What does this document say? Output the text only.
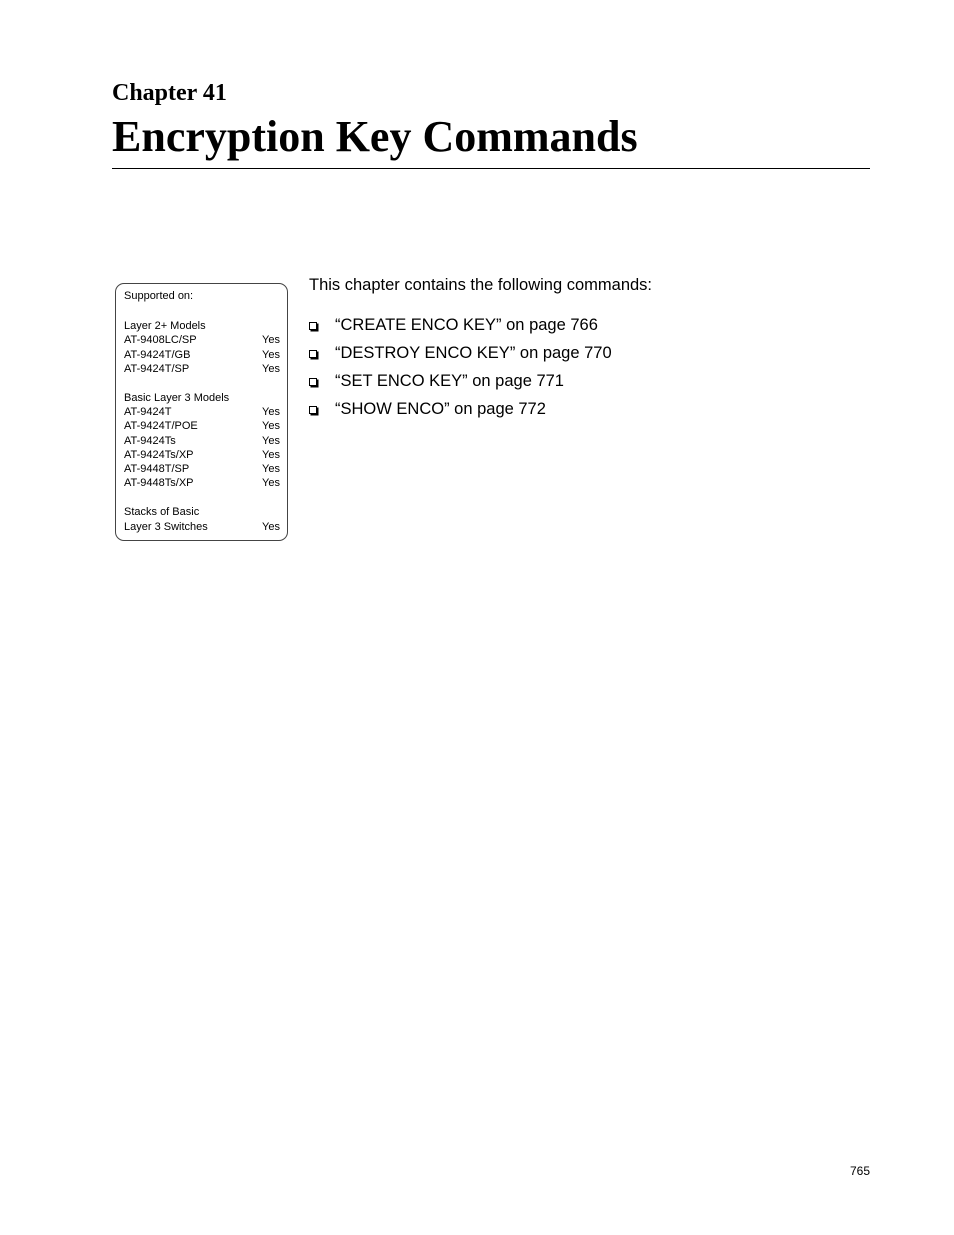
Chapter 41
Encryption Key Commands
Supported on:
Layer 2+ Models
AT-9408LC/SP	Yes
AT-9424T/GB	Yes
AT-9424T/SP	Yes
Basic Layer 3 Models
AT-9424T	Yes
AT-9424T/POE	Yes
AT-9424Ts	Yes
AT-9424Ts/XP	Yes
AT-9448T/SP	Yes
AT-9448Ts/XP	Yes
Stacks of Basic
Layer 3 Switches	Yes
This chapter contains the following commands:
“CREATE ENCO KEY” on page 766
“DESTROY ENCO KEY” on page 770
“SET ENCO KEY” on page 771
“SHOW ENCO” on page 772
765
